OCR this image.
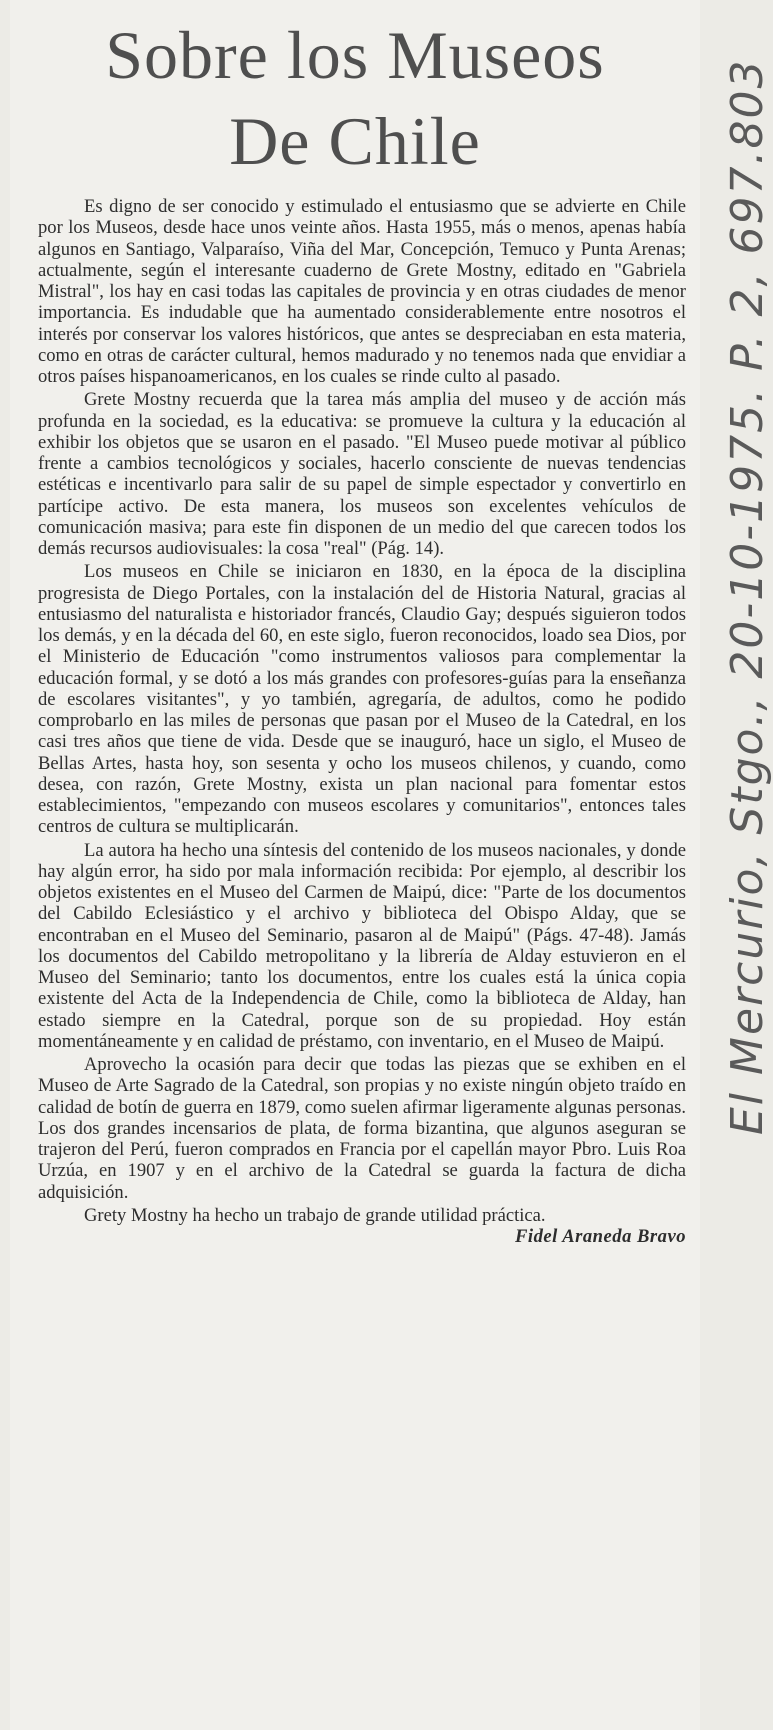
Sobre los Museos
De Chile

Es digno de ser conocido y estimulado el entusiasmo que se advierte en Chile por los Museos, desde hace unos veinte años. Hasta 1955, más o menos, apenas había algunos en Santiago, Valparaíso, Viña del Mar, Concepción, Temuco y Punta Arenas; actualmente, según el interesante cuaderno de Grete Mostny, editado en "Gabriela Mistral", los hay en casi todas las capitales de provincia y en otras ciudades de menor importancia. Es indudable que ha aumentado considerablemente entre nosotros el interés por conservar los valores históricos, que antes se despreciaban en esta materia, como en otras de carácter cultural, hemos madurado y no tenemos nada que envidiar a otros países hispanoamericanos, en los cuales se rinde culto al pasado.

Grete Mostny recuerda que la tarea más amplia del museo y de acción más profunda en la sociedad, es la educativa: se promueve la cultura y la educación al exhibir los objetos que se usaron en el pasado. "El Museo puede motivar al público frente a cambios tecnológicos y sociales, hacerlo consciente de nuevas tendencias estéticas e incentivarlo para salir de su papel de simple espectador y convertirlo en partícipe activo. De esta manera, los museos son excelentes vehículos de comunicación masiva; para este fin disponen de un medio del que carecen todos los demás recursos audiovisuales: la cosa "real" (Pág. 14).

Los museos en Chile se iniciaron en 1830, en la época de la disciplina progresista de Diego Portales, con la instalación del de Historia Natural, gracias al entusiasmo del naturalista e historiador francés, Claudio Gay; después siguieron todos los demás, y en la década del 60, en este siglo, fueron reconocidos, loado sea Dios, por el Ministerio de Educación "como instrumentos valiosos para complementar la educación formal, y se dotó a los más grandes con profesores-guías para la enseñanza de escolares visitantes", y yo también, agregaría, de adultos, como he podido comprobarlo en las miles de personas que pasan por el Museo de la Catedral, en los casi tres años que tiene de vida. Desde que se inauguró, hace un siglo, el Museo de Bellas Artes, hasta hoy, son sesenta y ocho los museos chilenos, y cuando, como desea, con razón, Grete Mostny, exista un plan nacional para fomentar estos establecimientos, "empezando con museos escolares y comunitarios", entonces tales centros de cultura se multiplicarán.

La autora ha hecho una síntesis del contenido de los museos nacionales, y donde hay algún error, ha sido por mala información recibida: Por ejemplo, al describir los objetos existentes en el Museo del Carmen de Maipú, dice: "Parte de los documentos del Cabildo Eclesiástico y el archivo y biblioteca del Obispo Alday, que se encontraban en el Museo del Seminario, pasaron al de Maipú" (Págs. 47-48). Jamás los documentos del Cabildo metropolitano y la librería de Alday estuvieron en el Museo del Seminario; tanto los documentos, entre los cuales está la única copia existente del Acta de la Independencia de Chile, como la biblioteca de Alday, han estado siempre en la Catedral, porque son de su propiedad. Hoy están momentáneamente y en calidad de préstamo, con inventario, en el Museo de Maipú.

Aprovecho la ocasión para decir que todas las piezas que se exhiben en el Museo de Arte Sagrado de la Catedral, son propias y no existe ningún objeto traído en calidad de botín de guerra en 1879, como suelen afirmar ligeramente algunas personas. Los dos grandes incensarios de plata, de forma bizantina, que algunos aseguran se trajeron del Perú, fueron comprados en Francia por el capellán mayor Pbro. Luis Roa Urzúa, en 1907 y en el archivo de la Catedral se guarda la factura de dicha adquisición.

Grety Mostny ha hecho un trabajo de grande utilidad práctica.
Fidel Araneda Bravo
El Mercurio, Stgo., 20-10-1975. P. 2, 697.803
